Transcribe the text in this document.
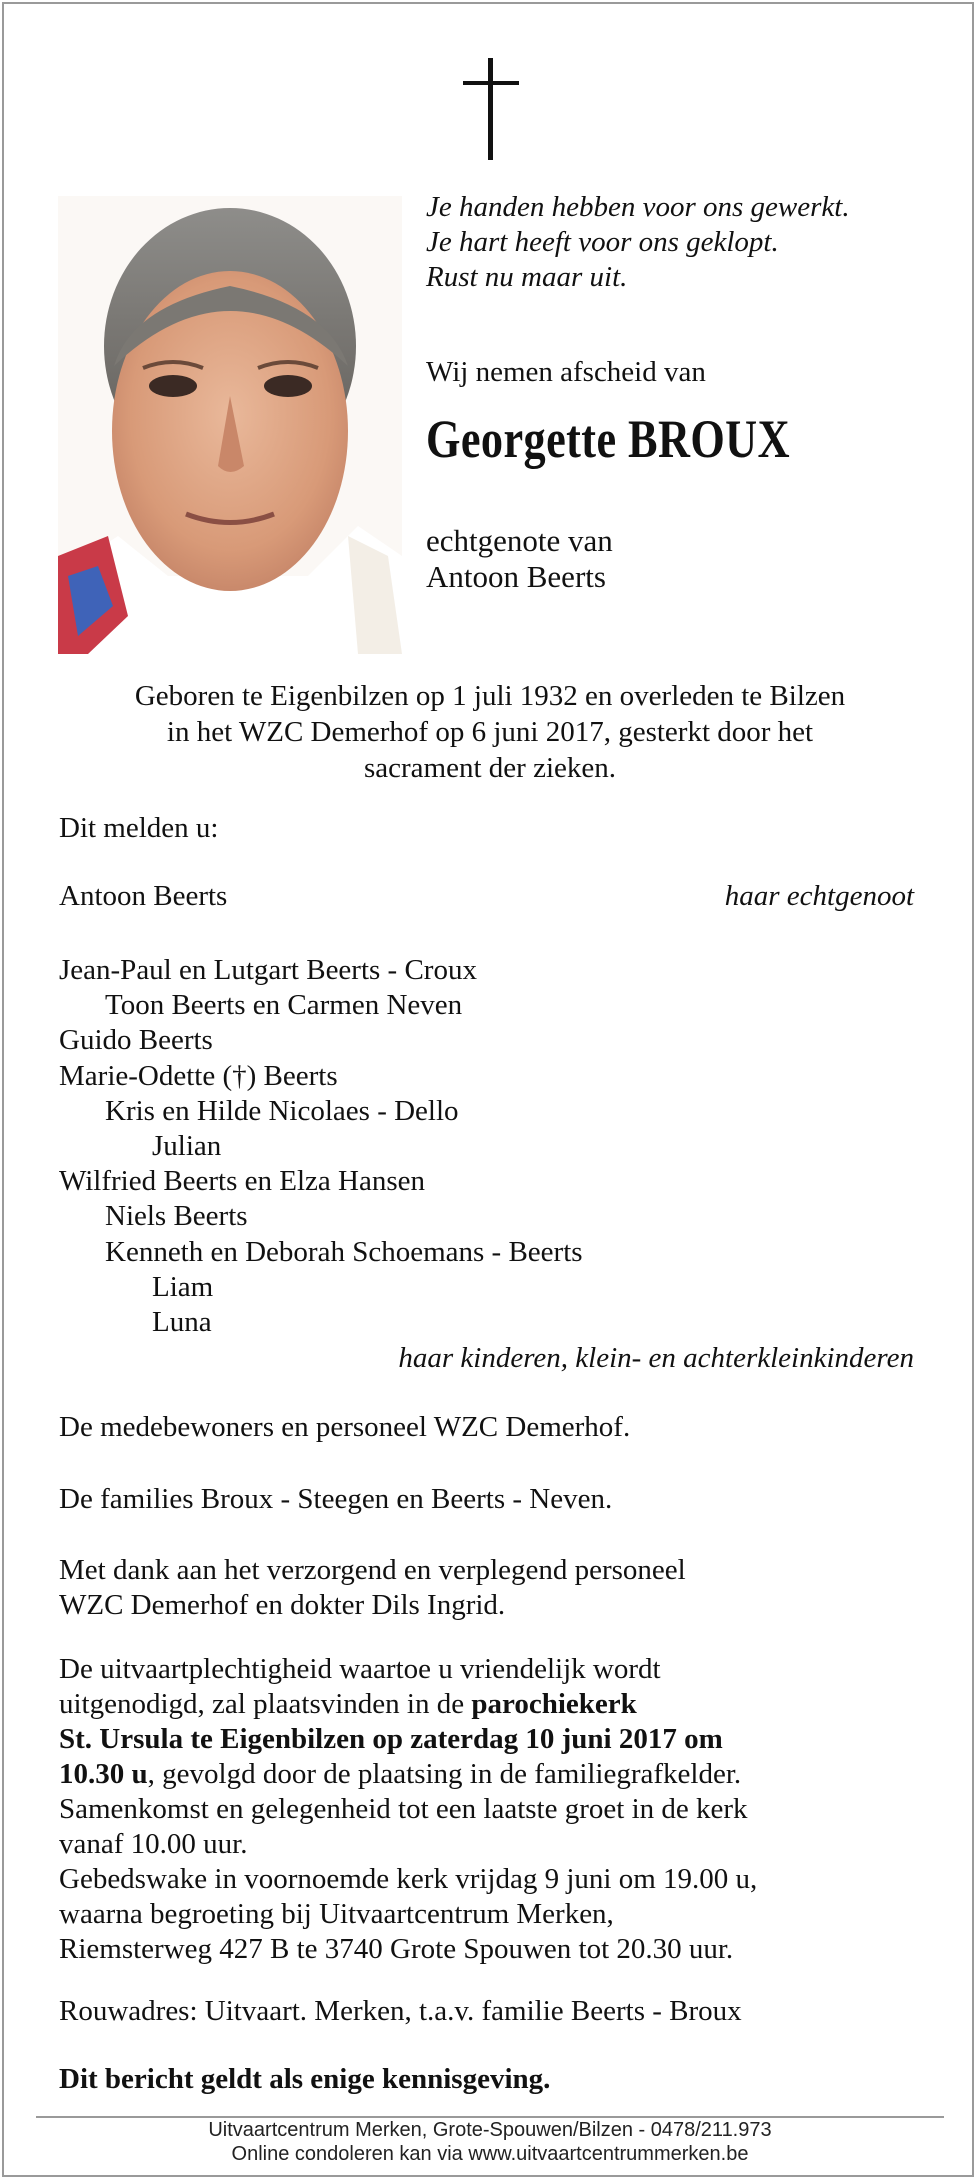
Je handen hebben voor ons gewerkt.
Je hart heeft voor ons geklopt.
Rust nu maar uit.
Wij nemen afscheid van
Georgette BROUX
echtgenote van
Antoon Beerts
Geboren te Eigenbilzen op 1 juli 1932 en overleden te Bilzen
in het WZC Demerhof op 6 juni 2017, gesterkt door het
sacrament der zieken.
Dit melden u:
Antoon Beerts	haar echtgenoot
Jean-Paul en Lutgart Beerts - Croux
Toon Beerts en Carmen Neven
Guido Beerts
Marie-Odette (†) Beerts
Kris en Hilde Nicolaes - Dello
Julian
Wilfried Beerts en Elza Hansen
Niels Beerts
Kenneth en Deborah Schoemans - Beerts
Liam
Luna
haar kinderen, klein- en achterkleinkinderen
De medebewoners en personeel WZC Demerhof.
De families Broux - Steegen en Beerts - Neven.
Met dank aan het verzorgend en verplegend personeel
WZC Demerhof en dokter Dils Ingrid.
De uitvaartplechtigheid waartoe u vriendelijk wordt
uitgenodigd, zal plaatsvinden in de parochiekerk
St. Ursula te Eigenbilzen op zaterdag 10 juni 2017 om
10.30 u, gevolgd door de plaatsing in de familiegrafkelder.
Samenkomst en gelegenheid tot een laatste groet in de kerk
vanaf 10.00 uur.
Gebedswake in voornoemde kerk vrijdag 9 juni om 19.00 u,
waarna begroeting bij Uitvaartcentrum Merken,
Riemsterweg 427 B te 3740 Grote Spouwen tot 20.30 uur.
Rouwadres: Uitvaart. Merken, t.a.v. familie Beerts - Broux
Dit bericht geldt als enige kennisgeving.
Uitvaartcentrum Merken, Grote-Spouwen/Bilzen - 0478/211.973
Online condoleren kan via www.uitvaartcentrummerken.be
